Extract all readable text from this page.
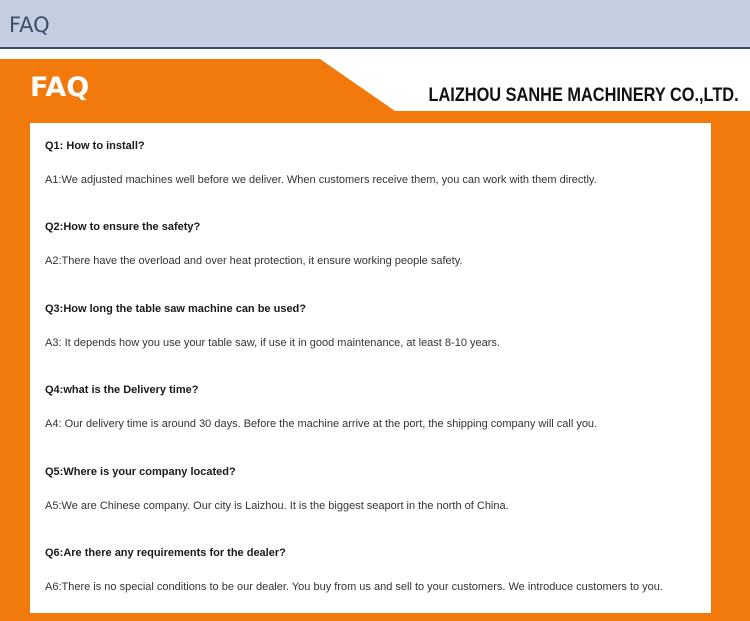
FAQ
FAQ	LAIZHOU SANHE MACHINERY CO.,LTD.
Q1: How to install?
A1:We adjusted machines well before we deliver. When customers receive them, you can work with them directly.
Q2:How to ensure the safety?
A2:There have the overload and over heat protection, it ensure working people safety.
Q3:How long the table saw machine can be used?
A3: It depends how you use your table saw, if use it in good maintenance, at least 8-10 years.
Q4:what is the Delivery time?
A4: Our delivery time is around 30 days. Before the machine arrive at the port, the shipping company will call you.
Q5:Where is your company located?
A5:We are Chinese company. Our city is Laizhou. It is the biggest seaport in the north of China.
Q6:Are there any requirements for the dealer?
A6:There is no special conditions to be our dealer. You buy from us and sell to your customers. We introduce customers to you.
